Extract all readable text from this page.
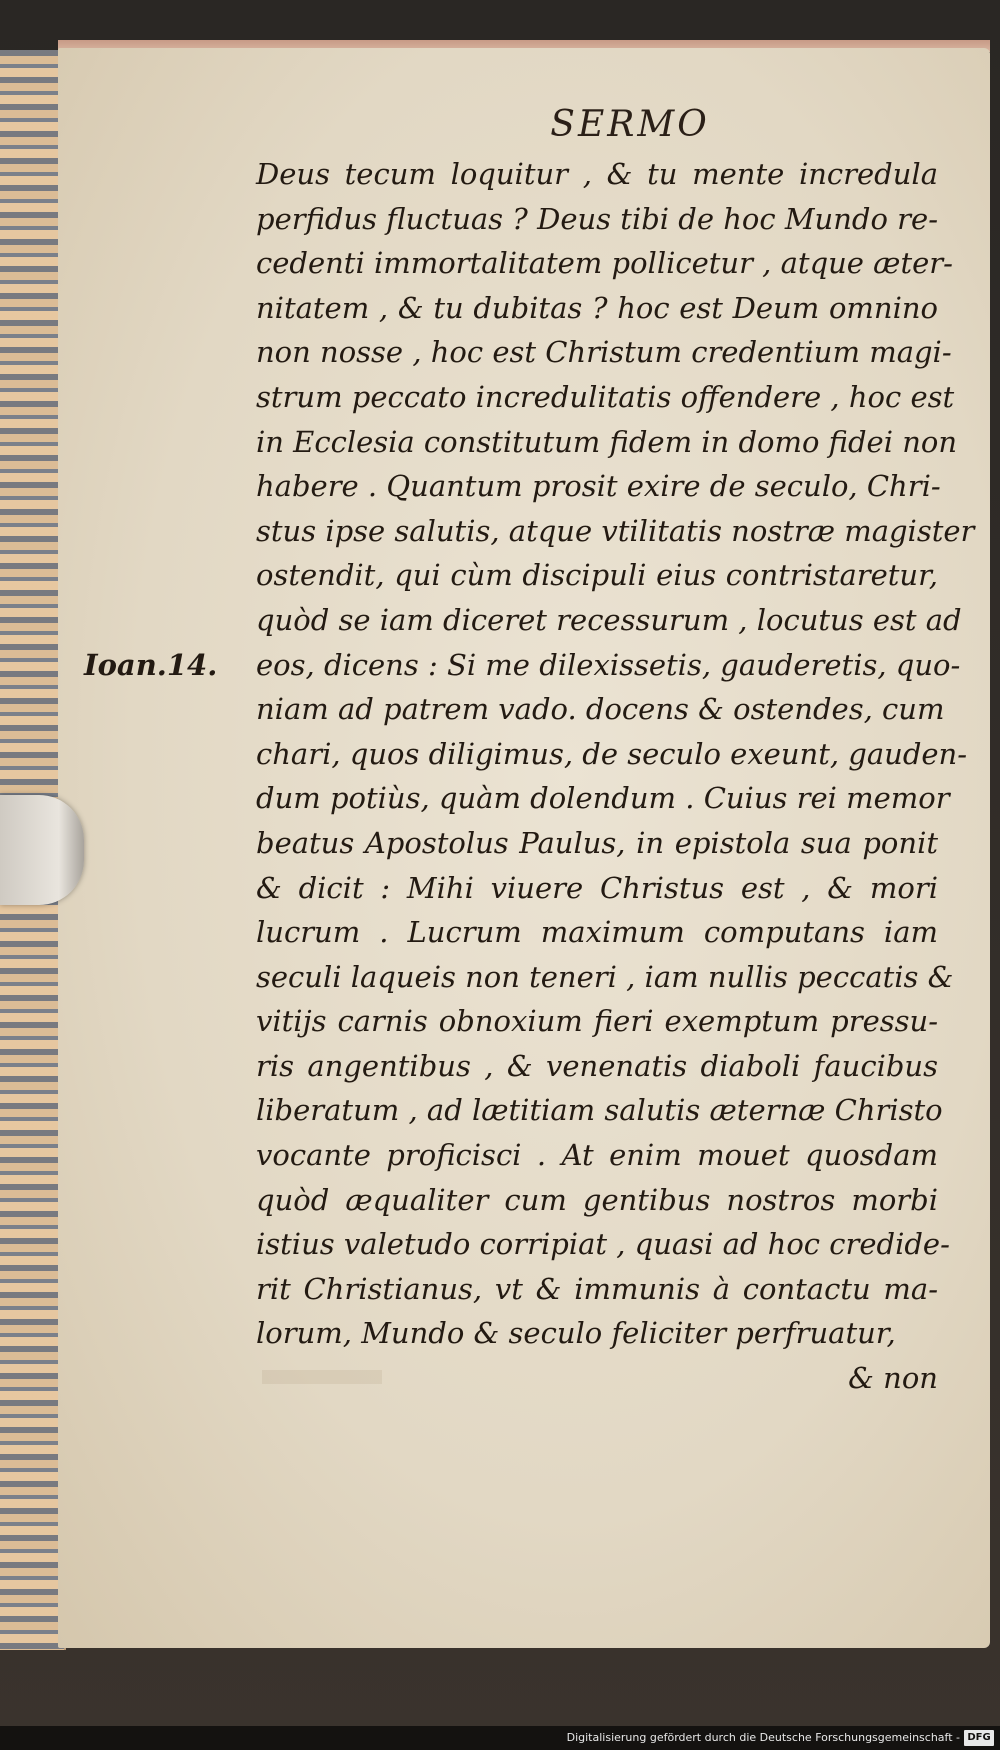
SERMO
Ioan.14.
Deus tecum loquitur , & tu mente incredula
perfidus fluctuas ? Deus tibi de hoc Mundo re-
cedenti immortalitatem pollicetur , atque æter-
nitatem , & tu dubitas ? hoc est Deum omnino
non nosse , hoc est Christum credentium magi-
strum peccato incredulitatis offendere , hoc est
in Ecclesia constitutum fidem in domo fidei non
habere . Quantum prosit exire de seculo, Chri-
stus ipse salutis, atque vtilitatis nostræ magister
ostendit, qui cùm discipuli eius contristaretur,
quòd se iam diceret recessurum , locutus est ad
eos, dicens : Si me dilexissetis, gauderetis, quo-
niam ad patrem vado. docens & ostendes, cum
chari, quos diligimus, de seculo exeunt, gauden-
dum potiùs, quàm dolendum . Cuius rei memor
beatus Apostolus Paulus, in epistola sua ponit
& dicit : Mihi viuere Christus est , & mori
lucrum . Lucrum maximum computans iam
seculi laqueis non teneri , iam nullis peccatis &
vitijs carnis obnoxium fieri exemptum pressu-
ris angentibus , & venenatis diaboli faucibus
liberatum , ad lætitiam salutis æternæ Christo
vocante proficisci . At enim mouet quosdam
quòd æqualiter cum gentibus nostros morbi
istius valetudo corripiat , quasi ad hoc credide-
rit Christianus, vt & immunis à contactu ma-
lorum, Mundo & seculo feliciter perfruatur,
& non
Digitalisierung gefördert durch die Deutsche Forschungsgemeinschaft - DFG
